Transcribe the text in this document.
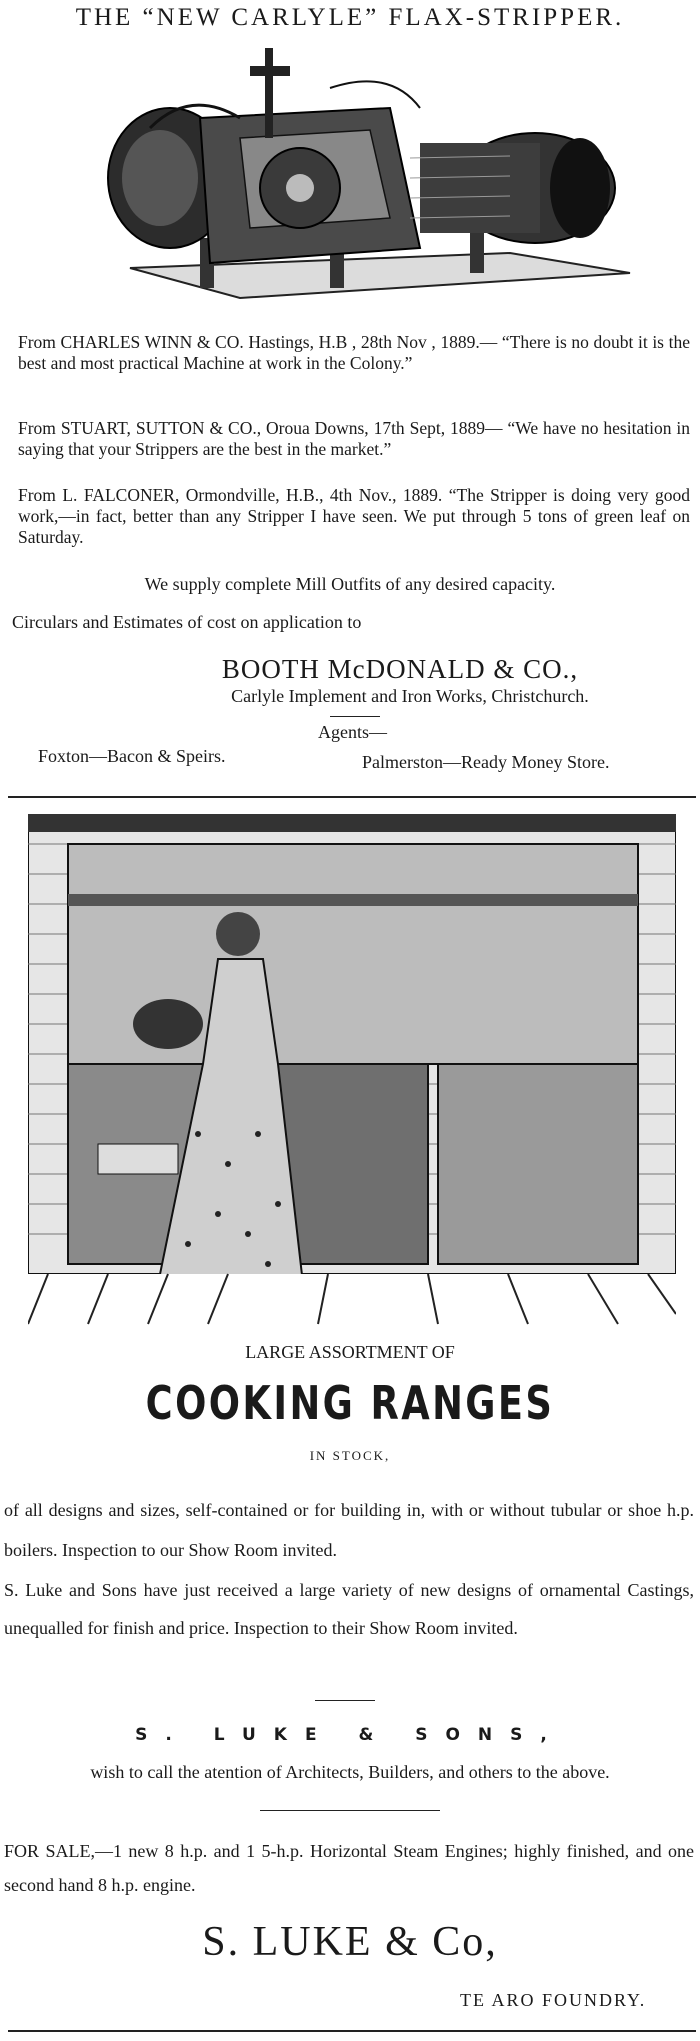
THE “NEW CARLYLE” FLAX-STRIPPER.
From CHARLES WINN & CO. Hastings, H.B , 28th Nov , 1889.— “There is no doubt it is the best and most practical Machine at work in the Colony.”
From STUART, SUTTON & CO., Oroua Downs, 17th Sept, 1889— “We have no hesitation in saying that your Strippers are the best in the market.”
From L. FALCONER, Ormondville, H.B., 4th Nov., 1889. “The Stripper is doing very good work,—in fact, better than any Stripper I have seen. We put through 5 tons of green leaf on Saturday.
We supply complete Mill Outfits of any desired capacity.
Circulars and Estimates of cost on application to
BOOTH McDONALD & CO.,
Carlyle Implement and Iron Works, Christchurch.
Agents—
Foxton—Bacon & Speirs.	Palmerston—Ready Money Store.
LARGE ASSORTMENT OF
COOKING RANGES
IN STOCK,
of all designs and sizes, self-contained or for building in, with or without tubular or shoe h.p. boilers. Inspection to our Show Room invited.
S. Luke and Sons have just received a large variety of new designs of ornamental Castings, unequalled for finish and price. Inspection to their Show Room invited.
S. LUKE & SONS,
wish to call the atention of Architects, Builders, and others to the above.
FOR SALE,—1 new 8 h.p. and 1 5-h.p. Horizontal Steam Engines; highly finished, and one second hand 8 h.p. engine.
S. LUKE & Co,
TE ARO FOUNDRY.
